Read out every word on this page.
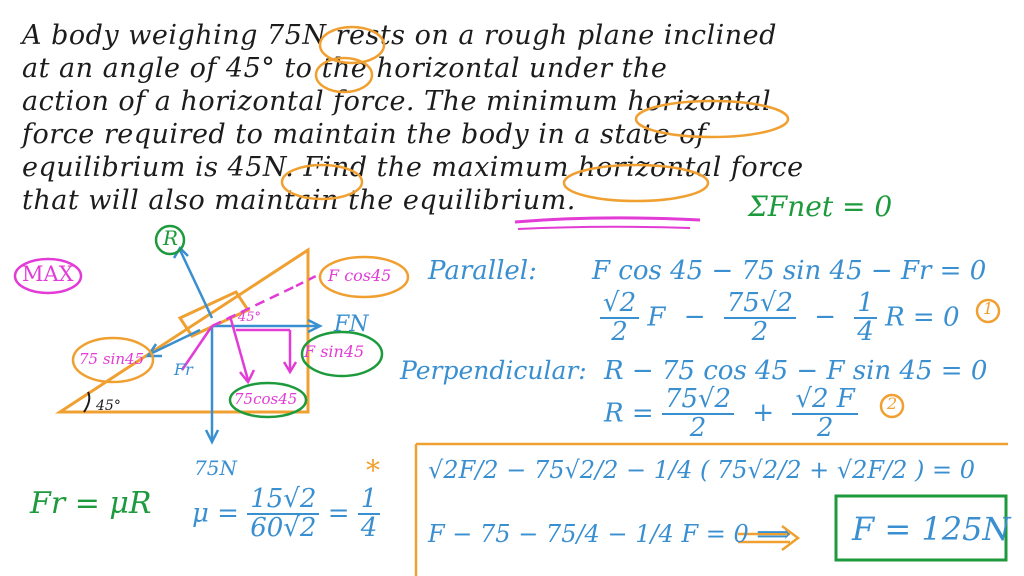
A body weighing 75N rests on a rough plane inclined
at an angle of 45° to the horizontal under the
action of a horizontal force. The minimum horizontal
force required to maintain the body in a state of
equilibrium is 45N. Find the maximum horizontal force
that will also maintain the equilibrium.	ΣFnet = 0
MAX
R
F cos45
FN
45°
F sin45
75 sin45
Fr
45°	75cos45
75N
Fr = μR
*
$\mu = \frac{15√2}{60√2} = \frac{1}{4}$
Parallel: F cos 45 − 75 sin 45 − Fr = 0
$\frac{√2}{2}$ $F - \frac{75√2}{2} - \frac{1}{4}$ R = 0 1
Perpendicular: R − 75 cos 45 − F sin 45 = 0
$R = \frac{75√2}{2} + \frac{√2 F}{2} 2$
√2F/2 − 75√2/2 − 1/4 ( 75√2/2 + √2F/2 ) = 0
F − 75 − 75/4 − 1/4 F = 0 ⟹ F = 125N
